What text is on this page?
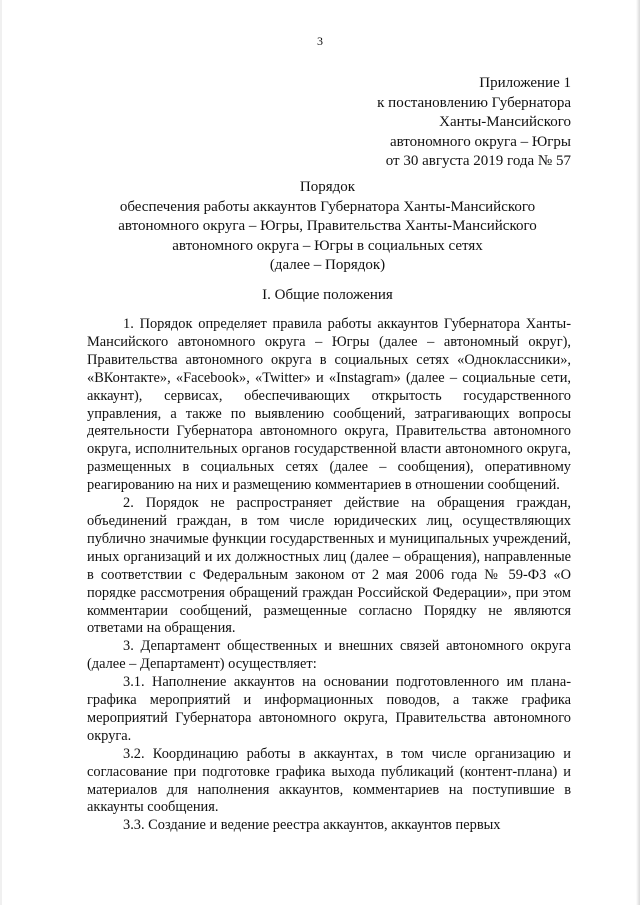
3
Приложение 1
к постановлению Губернатора
Ханты-Мансийского
автономного округа – Югры
от 30 августа 2019 года № 57
Порядок
обеспечения работы аккаунтов Губернатора Ханты-Мансийского
автономного округа – Югры, Правительства Ханты-Мансийского
автономного округа – Югры в социальных сетях
(далее – Порядок)
I. Общие положения

1. Порядок определяет правила работы аккаунтов Губернатора Ханты-Мансийского автономного округа – Югры (далее – автономный округ), Правительства автономного округа в социальных сетях «Одноклассники», «ВКонтакте», «Facebook», «Twitter» и «Instagram» (далее – социальные сети, аккаунт), сервисах, обеспечивающих открытость государственного управления, а также по выявлению сообщений, затрагивающих вопросы деятельности Губернатора автономного округа, Правительства автономного округа, исполнительных органов государственной власти автономного округа, размещенных в социальных сетях (далее – сообщения), оперативному реагированию на них и размещению комментариев в отношении сообщений.

2. Порядок не распространяет действие на обращения граждан, объединений граждан, в том числе юридических лиц, осуществляющих публично значимые функции государственных и муниципальных учреждений, иных организаций и их должностных лиц (далее – обращения), направленные в соответствии с Федеральным законом от 2 мая 2006 года № 59-ФЗ «О порядке рассмотрения обращений граждан Российской Федерации», при этом комментарии сообщений, размещенные согласно Порядку не являются ответами на обращения.

3. Департамент общественных и внешних связей автономного округа (далее – Департамент) осуществляет:

3.1. Наполнение аккаунтов на основании подготовленного им плана-графика мероприятий и информационных поводов, а также графика мероприятий Губернатора автономного округа, Правительства автономного округа.

3.2. Координацию работы в аккаунтах, в том числе организацию и согласование при подготовке графика выхода публикаций (контент-плана) и материалов для наполнения аккаунтов, комментариев на поступившие в аккаунты сообщения.

3.3. Создание и ведение реестра аккаунтов, аккаунтов первых
